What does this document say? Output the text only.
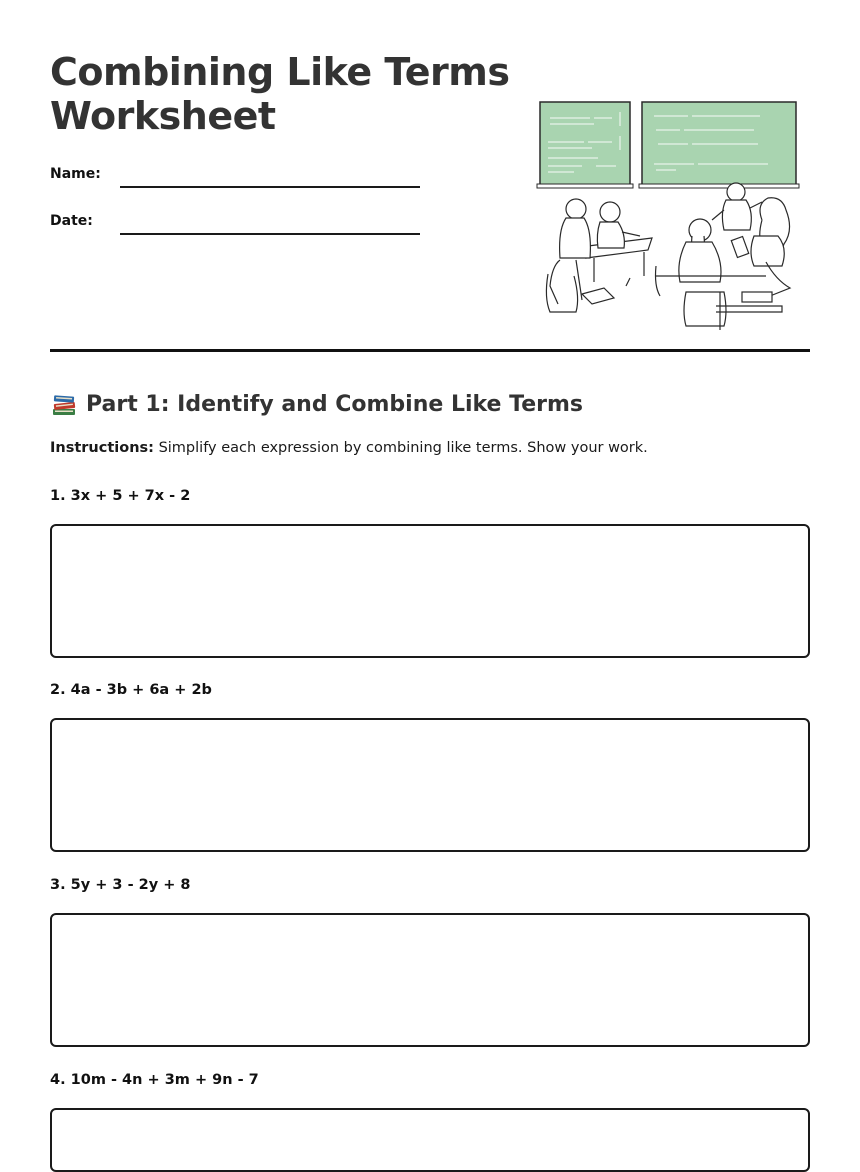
Combining Like Terms Worksheet
Name:
Date:
Part 1: Identify and Combine Like Terms
Instructions: Simplify each expression by combining like terms. Show your work.
1. 3x + 5 + 7x - 2
2. 4a - 3b + 6a + 2b
3. 5y + 3 - 2y + 8
4. 10m - 4n + 3m + 9n - 7
